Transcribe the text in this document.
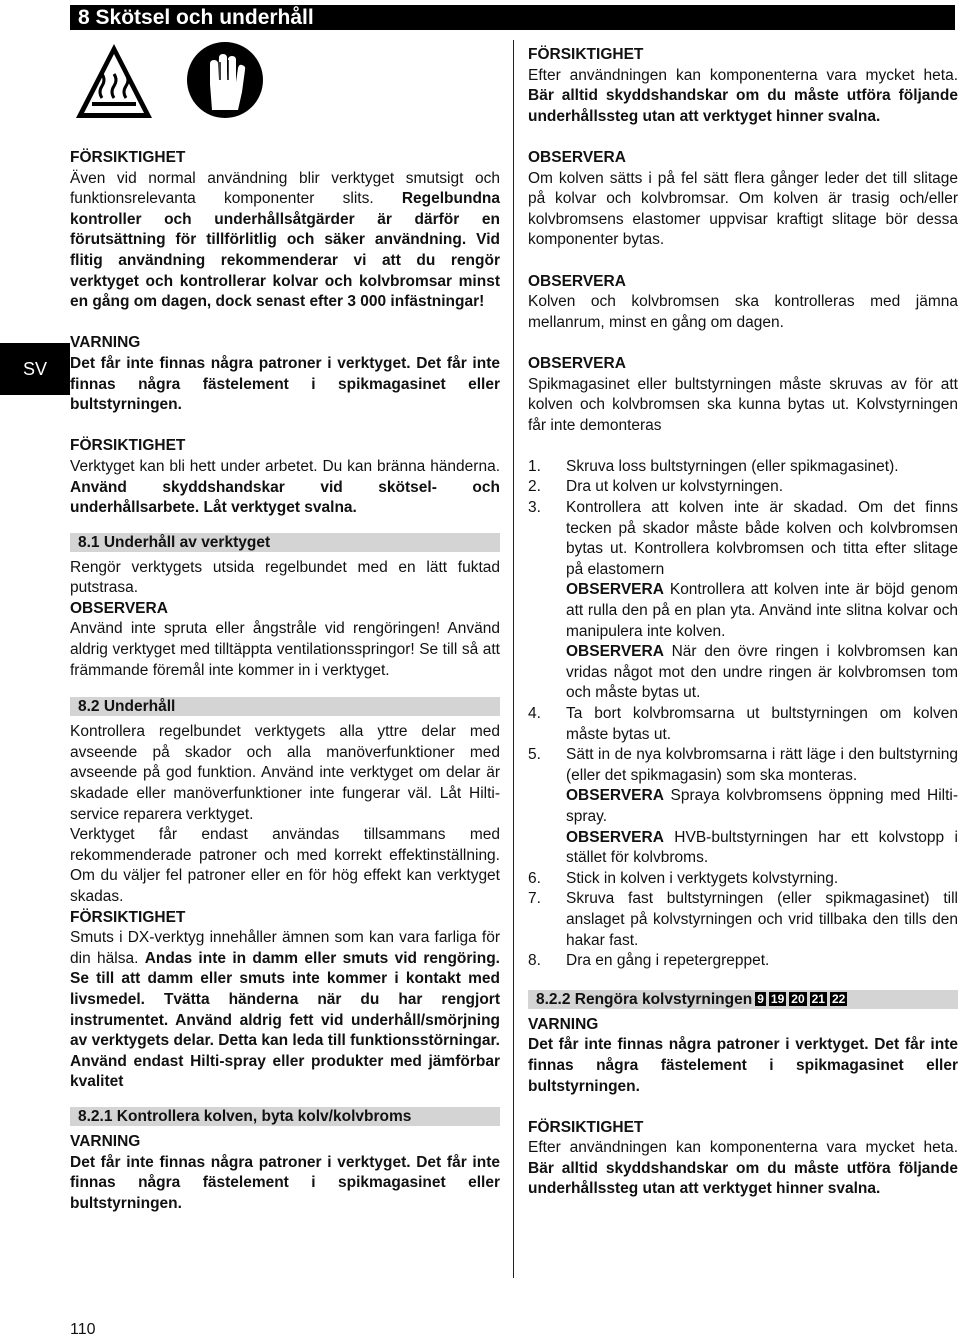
8 Skötsel och underhåll
SV

FÖRSIKTIGHET

Även vid normal användning blir verktyget smutsigt och funktionsrelevanta komponenter slits. Regelbundna kontroller och underhållsåtgärder är därför en förutsättning för tillförlitlig och säker användning. Vid flitig användning rekommenderar vi att du rengör verktyget och kontrollerar kolvar och kolvbromsar minst en gång om dagen, dock senast efter 3 000 infästningar!

VARNING

Det får inte finnas några patroner i verktyget. Det får inte finnas några fästelement i spikmagasinet eller bultstyrningen.

FÖRSIKTIGHET

Verktyget kan bli hett under arbetet. Du kan bränna händerna. Använd skyddshandskar vid skötsel- och underhållsarbete. Låt verktyget svalna.

8.1 Underhåll av verktyget

Rengör verktygets utsida regelbundet med en lätt fuktad putstrasa.

OBSERVERA

Använd inte spruta eller ångstråle vid rengöringen! Använd aldrig verktyget med tilltäppta ventilationsspringor! Se till så att främmande föremål inte kommer in i verktyget.

8.2 Underhåll

Kontrollera regelbundet verktygets alla yttre delar med avseende på skador och alla manöverfunktioner med avseende på god funktion. Använd inte verktyget om delar är skadade eller manöverfunktioner inte fungerar väl. Låt Hilti-service reparera verktyget.

Verktyget får endast användas tillsammans med rekommenderade patroner och med korrekt effektinställning. Om du väljer fel patroner eller en för hög effekt kan verktyget skadas.

FÖRSIKTIGHET

Smuts i DX-verktyg innehåller ämnen som kan vara farliga för din hälsa. Andas inte in damm eller smuts vid rengöring. Se till att damm eller smuts inte kommer i kontakt med livsmedel. Tvätta händerna när du har rengjort instrumentet. Använd aldrig fett vid underhåll/smörjning av verktygets delar. Detta kan leda till funktionsstörningar. Använd endast Hilti-spray eller produkter med jämförbar kvalitet

8.2.1 Kontrollera kolven, byta kolv/kolvbroms

VARNING

Det får inte finnas några patroner i verktyget. Det får inte finnas några fästelement i spikmagasinet eller bultstyrningen.

FÖRSIKTIGHET

Efter användningen kan komponenterna vara mycket heta. Bär alltid skyddshandskar om du måste utföra följande underhållssteg utan att verktyget hinner svalna.

OBSERVERA

Om kolven sätts i på fel sätt flera gånger leder det till slitage på kolvar och kolvbromsar. Om kolven är trasig och/eller kolvbromsens elastomer uppvisar kraftigt slitage bör dessa komponenter bytas.

OBSERVERA

Kolven och kolvbromsen ska kontrolleras med jämna mellanrum, minst en gång om dagen.

OBSERVERA

Spikmagasinet eller bultstyrningen måste skruvas av för att kolven och kolvbromsen ska kunna bytas ut. Kolvstyrningen får inte demonteras

1. Skruva loss bultstyrningen (eller spikmagasinet).
2. Dra ut kolven ur kolvstyrningen.
3. Kontrollera att kolven inte är skadad. Om det finns tecken på skador måste både kolven och kolvbromsen bytas ut. Kontrollera kolvbromsen och titta efter slitage på elastomern
OBSERVERA Kontrollera att kolven inte är böjd genom att rulla den på en plan yta. Använd inte slitna kolvar och manipulera inte kolven.
OBSERVERA När den övre ringen i kolvbromsen kan vridas något mot den undre ringen är kolvbromsen tom och måste bytas ut.
4. Ta bort kolvbromsarna ut bultstyrningen om kolven måste bytas ut.
5. Sätt in de nya kolvbromsarna i rätt läge i den bultstyrning (eller det spikmagasin) som ska monteras.
OBSERVERA Spraya kolvbromsens öppning med Hilti-spray.
OBSERVERA HVB-bultstyrningen har ett kolvstopp i stället för kolvbroms.
6. Stick in kolven i verktygets kolvstyrning.
7. Skruva fast bultstyrningen (eller spikmagasinet) till anslaget på kolvstyrningen och vrid tillbaka den tills den hakar fast.
8. Dra en gång i repetergreppet.

8.2.2 Rengöra kolvstyrningen 9 19 20 21 22

VARNING

Det får inte finnas några patroner i verktyget. Det får inte finnas några fästelement i spikmagasinet eller bultstyrningen.

FÖRSIKTIGHET

Efter användningen kan komponenterna vara mycket heta. Bär alltid skyddshandskar om du måste utföra följande underhållssteg utan att verktyget hinner svalna.

110
